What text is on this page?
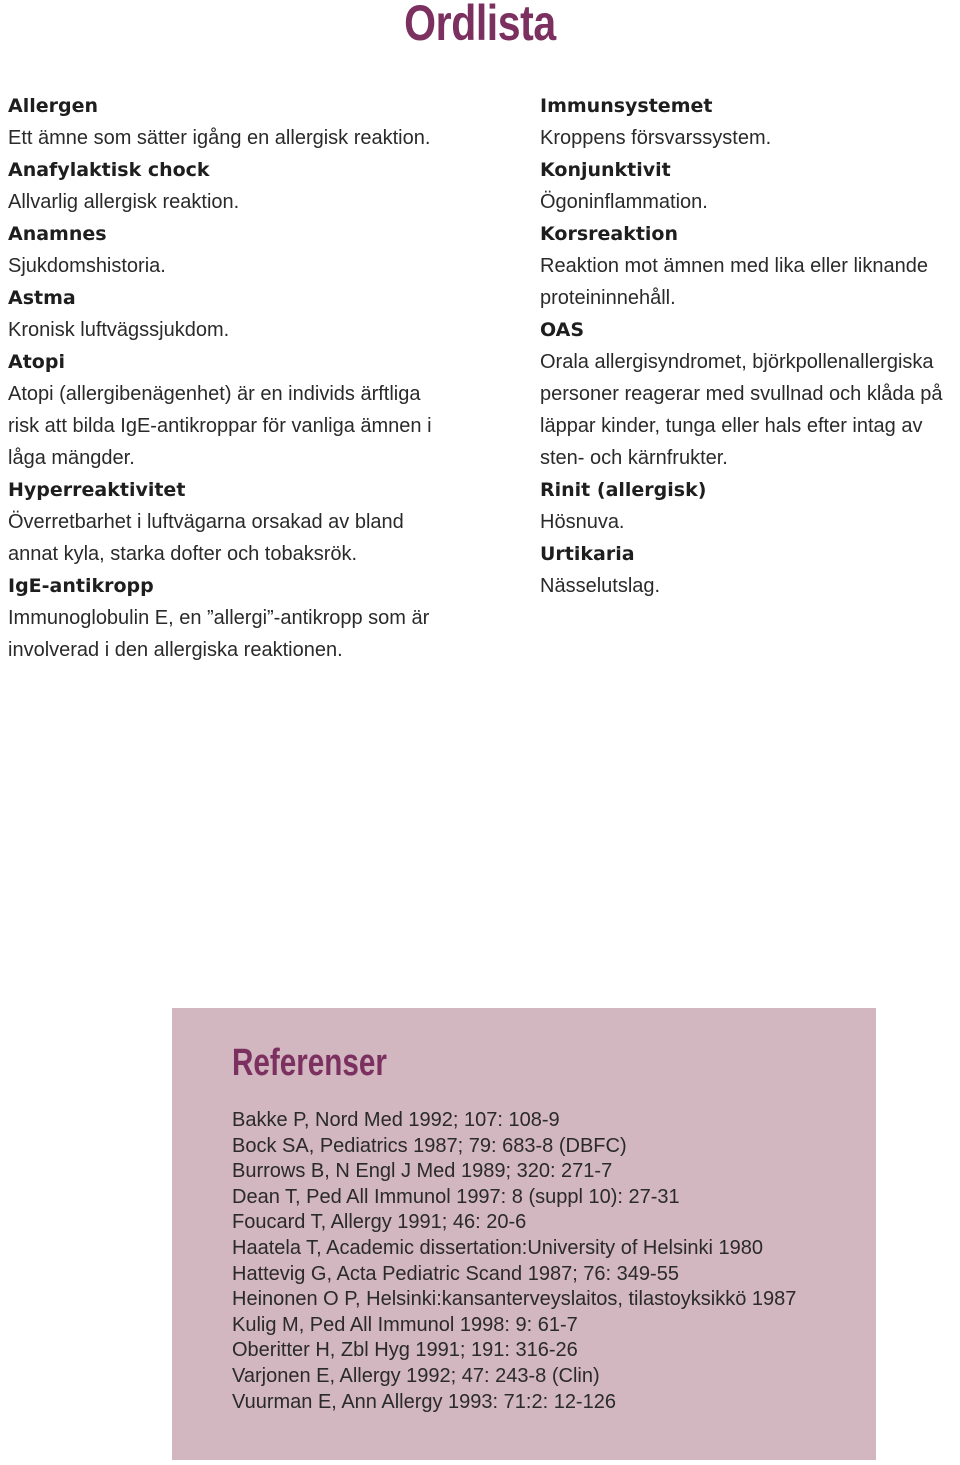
Ordlista
Allergen
Ett ämne som sätter igång en allergisk reaktion.
Anafylaktisk chock
Allvarlig allergisk reaktion.
Anamnes
Sjukdomshistoria.
Astma
Kronisk luftvägssjukdom.
Atopi
Atopi (allergibenägenhet) är en individs ärftliga
risk att bilda IgE-antikroppar för vanliga ämnen i
låga mängder.
Hyperreaktivitet
Överretbarhet i luftvägarna orsakad av bland
annat kyla, starka dofter och tobaksrök.
IgE-antikropp
Immunoglobulin E, en ”allergi”-antikropp som är
involverad i den allergiska reaktionen.
Immunsystemet
Kroppens försvarssystem.
Konjunktivit
Ögoninflammation.
Korsreaktion
Reaktion mot ämnen med lika eller liknande
proteininnehåll.
OAS
Orala allergisyndromet, björkpollenallergiska
personer reagerar med svullnad och klåda på
läppar kinder, tunga eller hals efter intag av
sten- och kärnfrukter.
Rinit (allergisk)
Hösnuva.
Urtikaria
Nässelutslag.
Referenser
Bakke P, Nord Med 1992; 107: 108-9
Bock SA, Pediatrics 1987; 79: 683-8 (DBFC)
Burrows B, N Engl J Med 1989; 320: 271-7
Dean T, Ped All Immunol 1997: 8 (suppl 10): 27-31
Foucard T, Allergy 1991; 46: 20-6
Haatela T, Academic dissertation:University of Helsinki 1980
Hattevig G, Acta Pediatric Scand 1987; 76: 349-55
Heinonen O P, Helsinki:kansanterveyslaitos, tilastoyksikkö 1987
Kulig M, Ped All Immunol 1998: 9: 61-7
Oberitter H, Zbl Hyg 1991; 191: 316-26
Varjonen E, Allergy 1992; 47: 243-8 (Clin)
Vuurman E, Ann Allergy 1993: 71:2: 12-126
